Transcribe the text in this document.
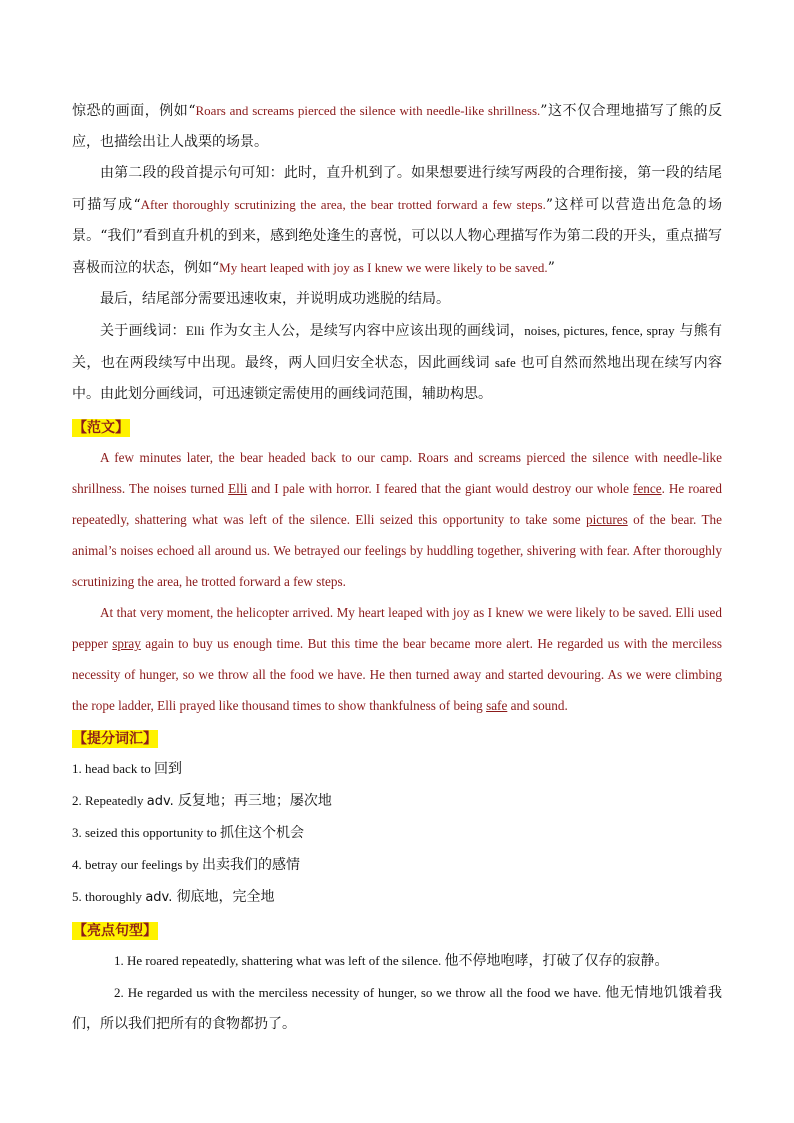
惊恐的画面，例如“Roars and screams pierced the silence with needle-like shrillness.”这不仅合理地描写了熊的反应，也描绘出让人战栗的场景。

由第二段的段首提示句可知：此时，直升机到了。如果想要进行续写两段的合理衔接，第一段的结尾可描写成“After thoroughly scrutinizing the area, the bear trotted forward a few steps.”这样可以营造出危急的场景。“我们”看到直升机的到来，感到绝处逢生的喜悦，可以以人物心理描写作为第二段的开头，重点描写喜极而泣的状态，例如“My heart leaped with joy as I knew we were likely to be saved.”

最后，结尾部分需要迅速收束，并说明成功逃脱的结局。

关于画线词：Elli 作为女主人公，是续写内容中应该出现的画线词，noises, pictures, fence, spray 与熊有关，也在两段续写中出现。最终，两人回归安全状态，因此画线词 safe 也可自然而然地出现在续写内容中。由此划分画线词，可迅速锁定需使用的画线词范围，辅助构思。

【范文】

A few minutes later, the bear headed back to our camp. Roars and screams pierced the silence with needle-like shrillness. The noises turned Elli and I pale with horror. I feared that the giant would destroy our whole fence. He roared repeatedly, shattering what was left of the silence. Elli seized this opportunity to take some pictures of the bear. The animal’s noises echoed all around us. We betrayed our feelings by huddling together, shivering with fear. After thoroughly scrutinizing the area, he trotted forward a few steps.

At that very moment, the helicopter arrived. My heart leaped with joy as I knew we were likely to be saved. Elli used pepper spray again to buy us enough time. But this time the bear became more alert. He regarded us with the merciless necessity of hunger, so we throw all the food we have. He then turned away and started devouring. As we were climbing the rope ladder, Elli prayed like thousand times to show thankfulness of being safe and sound.

【提分词汇】

1. head back to 回到

2. Repeatedly adv. 反复地；再三地；屡次地

3. seized this opportunity to 抓住这个机会

4. betray our feelings by 出卖我们的感情

5. thoroughly adv. 彻底地，完全地

【亮点句型】

1. He roared repeatedly, shattering what was left of the silence. 他不停地咆哮，打破了仅存的寂静。

2. He regarded us with the merciless necessity of hunger, so we throw all the food we have. 他无情地饥饿着我们，所以我们把所有的食物都扔了。
